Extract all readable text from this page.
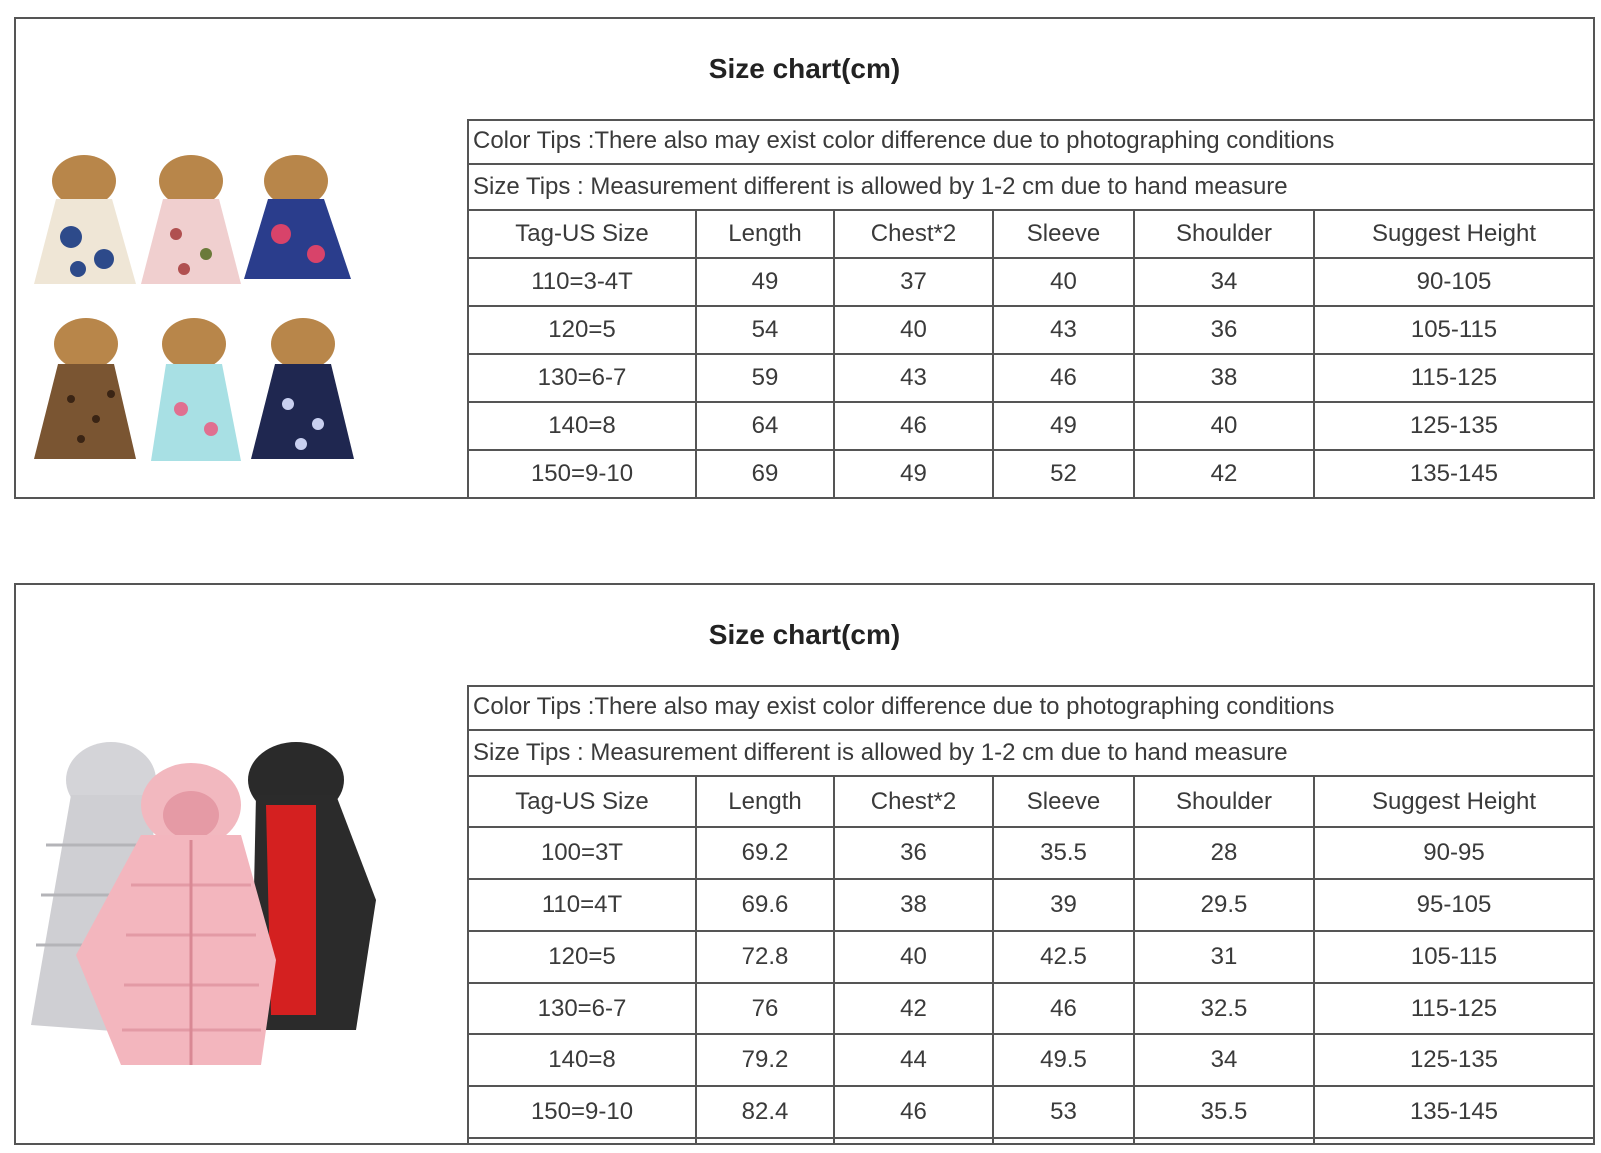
Size chart(cm)
Color Tips :There also may exist color difference due to photographing conditions
Size Tips : Measurement different is allowed by 1-2 cm due to hand measure
Tag-US Size	Length	Chest*2	Sleeve	Shoulder	Suggest Height
110=3-4T	49	37	40	34	90-105
120=5	54	40	43	36	105-115
130=6-7	59	43	46	38	115-125
140=8	64	46	49	40	125-135
150=9-10	69	49	52	42	135-145
Size chart(cm)
Color Tips :There also may exist color difference due to photographing conditions
Size Tips : Measurement different is allowed by 1-2 cm due to hand measure
Tag-US Size	Length	Chest*2	Sleeve	Shoulder	Suggest Height
100=3T	69.2	36	35.5	28	90-95
110=4T	69.6	38	39	29.5	95-105
120=5	72.8	40	42.5	31	105-115
130=6-7	76	42	46	32.5	115-125
140=8	79.2	44	49.5	34	125-135
150=9-10	82.4	46	53	35.5	135-145
